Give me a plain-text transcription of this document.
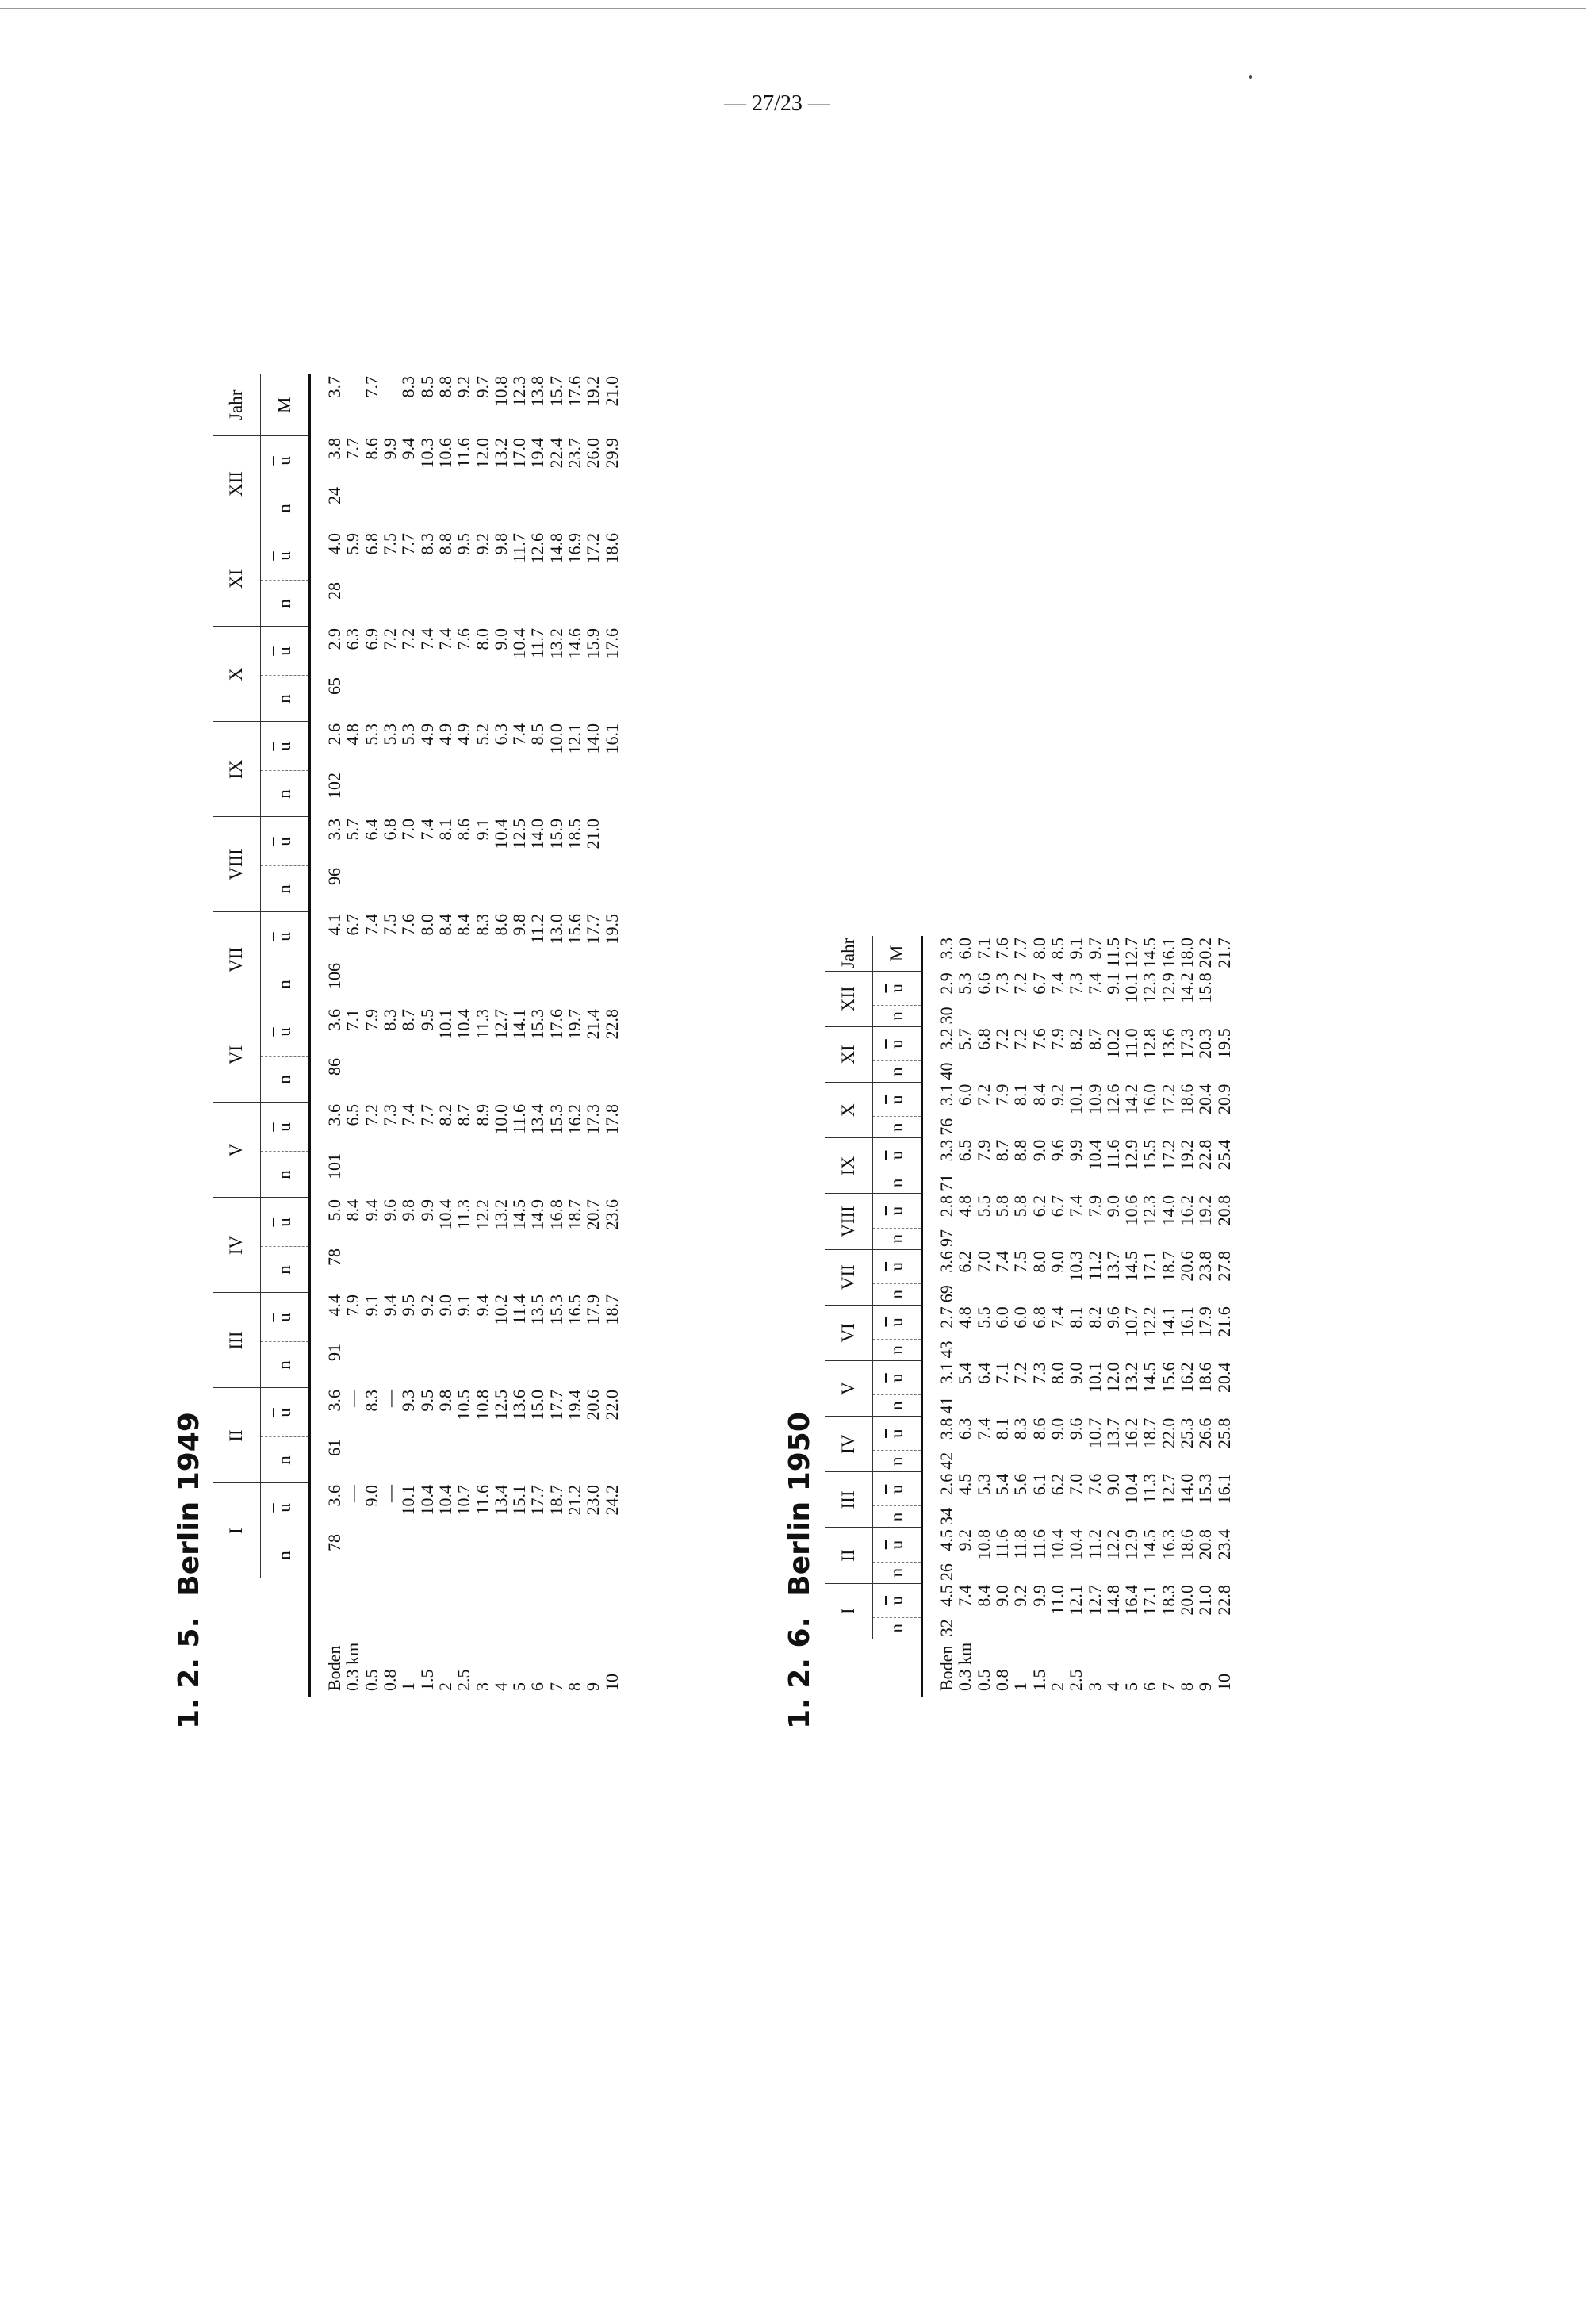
— 27/23 —
1. 2. 5.Berlin 1949
	I		II		III		IV		V		VI		VII		VIII		IX		X		XI		XII		Jahr
	n	$\overline{u}$	n	$\overline{u}$	n	$\overline{u}$	n	$\overline{u}$	n	$\overline{u}$	n	$\overline{u}$	n	$\overline{u}$	n	$\overline{u}$	n	$\overline{u}$	n	$\overline{u}$	n	$\overline{u}$	n	$\overline{u}$	M
Boden	78	3.6	61	3.6	91	4.4	78	5.0	101	3.6	86	3.6	106	4.1	96	3.3	102	2.6	65	2.9	28	4.0	24	3.8	3.7
0.3 km		—		—		7.9		8.4		6.5		7.1		6.7		5.7		4.8		6.3		5.9		7.7	
0.5		9.0		8.3		9.1		9.4		7.2		7.9		7.4		6.4		5.3		6.9		6.8		8.6	7.7
0.8		—		—		9.4		9.6		7.3		8.3		7.5		6.8		5.3		7.2		7.5		9.9	
1		10.1		9.3		9.5		9.8		7.4		8.7		7.6		7.0		5.3		7.2		7.7		9.4	8.3
1.5		10.4		9.5		9.2		9.9		7.7		9.5		8.0		7.4		4.9		7.4		8.3		10.3	8.5
2		10.4		9.8		9.0		10.4		8.2		10.1		8.4		8.1		4.9		7.4		8.8		10.6	8.8
2.5		10.7		10.5		9.1		11.3		8.7		10.4		8.4		8.6		4.9		7.6		9.5		11.6	9.2
3		11.6		10.8		9.4		12.2		8.9		11.3		8.3		9.1		5.2		8.0		9.2		12.0	9.7
4		13.4		12.5		10.2		13.2		10.0		12.7		8.6		10.4		6.3		9.0		9.8		13.2	10.8
5		15.1		13.6		11.4		14.5		11.6		14.1		9.8		12.5		7.4		10.4		11.7		17.0	12.3
6		17.7		15.0		13.5		14.9		13.4		15.3		11.2		14.0		8.5		11.7		12.6		19.4	13.8
7		18.7		17.7		15.3		16.8		15.3		17.6		13.0		15.9		10.0		13.2		14.8		22.4	15.7
8		21.2		19.4		16.5		18.7		16.2		19.7		15.6		18.5		12.1		14.6		16.9		23.7	17.6
9		23.0		20.6		17.9		20.7		17.3		21.4		17.7		21.0		14.0		15.9		17.2		26.0	19.2
10		24.2		22.0		18.7		23.6		17.8		22.8		19.5				16.1		17.6		18.6		29.9	21.0
1. 2. 6.Berlin 1950
	I		II		III		IV		V		VI		VII		VIII		IX		X		XI		XII		Jahr
	n	$\overline{u}$	n	$\overline{u}$	n	$\overline{u}$	n	$\overline{u}$	n	$\overline{u}$	n	$\overline{u}$	n	$\overline{u}$	n	$\overline{u}$	n	$\overline{u}$	n	$\overline{u}$	n	$\overline{u}$	n	$\overline{u}$	M
Boden	32	4.5	26	4.5	34	2.6	42	3.8	41	3.1	43	2.7	69	3.6	97	2.8	71	3.3	76	3.1	40	3.2	30	2.9	3.3
0.3 km		7.4		9.2		4.5		6.3		5.4		4.8		6.2		4.8		6.5		6.0		5.7		5.3	6.0
0.5		8.4		10.8		5.3		7.4		6.4		5.5		7.0		5.5		7.9		7.2		6.8		6.6	7.1
0.8		9.0		11.6		5.4		8.1		7.1		6.0		7.4		5.8		8.7		7.9		7.2		7.3	7.6
1		9.2		11.8		5.6		8.3		7.2		6.0		7.5		5.8		8.8		8.1		7.2		7.2	7.7
1.5		9.9		11.6		6.1		8.6		7.3		6.8		8.0		6.2		9.0		8.4		7.6		6.7	8.0
2		11.0		10.4		6.2		9.0		8.0		7.4		9.0		6.7		9.6		9.2		7.9		7.4	8.5
2.5		12.1		10.4		7.0		9.6		9.0		8.1		10.3		7.4		9.9		10.1		8.2		7.3	9.1
3		12.7		11.2		7.6		10.7		10.1		8.2		11.2		7.9		10.4		10.9		8.7		7.4	9.7
4		14.8		12.2		9.0		13.7		12.0		9.6		13.7		9.0		11.6		12.6		10.2		9.1	11.5
5		16.4		12.9		10.4		16.2		13.2		10.7		14.5		10.6		12.9		14.2		11.0		10.1	12.7
6		17.1		14.5		11.3		18.7		14.5		12.2		17.1		12.3		15.5		16.0		12.8		12.3	14.5
7		18.3		16.3		12.7		22.0		15.6		14.1		18.7		14.0		17.2		17.2		13.6		12.9	16.1
8		20.0		18.6		14.0		25.3		16.2		16.1		20.6		16.2		19.2		18.6		17.3		14.2	18.0
9		21.0		20.8		15.3		26.6		18.6		17.9		23.8		19.2		22.8		20.4		20.3		15.8	20.2
10		22.8		23.4		16.1		25.8		20.4		21.6		27.8		20.8		25.4		20.9		19.5			21.7
